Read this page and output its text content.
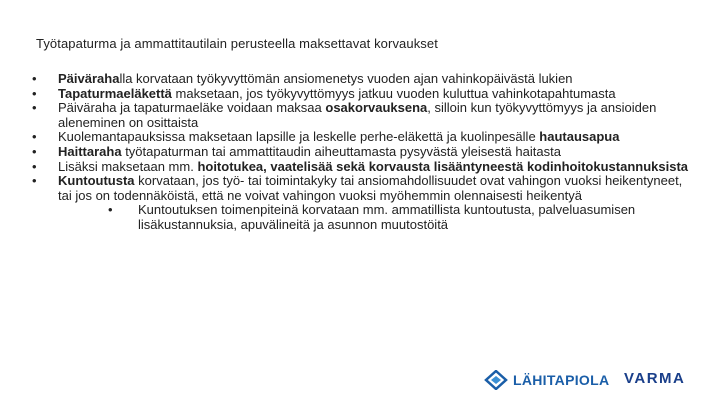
Työtapaturma ja ammattitautilain perusteella maksettavat korvaukset
•	Päivärahalla korvataan työkyvyttömän ansiomenetys vuoden ajan vahinkopäivästä lukien
•	Tapaturmaeläkettä maksetaan, jos työkyvyttömyys jatkuu vuoden kuluttua vahinkotapahtumasta
•	Päiväraha ja tapaturmaeläke voidaan maksaa osakorvauksena, silloin kun työkyvyttömyys ja ansioiden aleneminen on osittaista
•	Kuolemantapauksissa maksetaan lapsille ja leskelle perhe-eläkettä ja kuolinpesälle hautausapua
•	Haittaraha työtapaturman tai ammattitaudin aiheuttamasta pysyvästä yleisestä haitasta
•	Lisäksi maksetaan mm. hoitotukea, vaatelisää sekä korvausta lisääntyneestä kodinhoitokustannuksista
•	Kuntoutusta korvataan, jos työ- tai toimintakyky tai ansiomahdollisuudet ovat vahingon vuoksi heikentyneet, tai jos on todennäköistä, että ne voivat vahingon vuoksi myöhemmin olennaisesti heikentyä
•	Kuntoutuksen toimenpiteinä korvataan mm. ammatillista kuntoutusta, palveluasumisen lisäkustannuksia, apuvälineitä ja asunnon muutostöitä
LÄHITAPIOLA VARMA
